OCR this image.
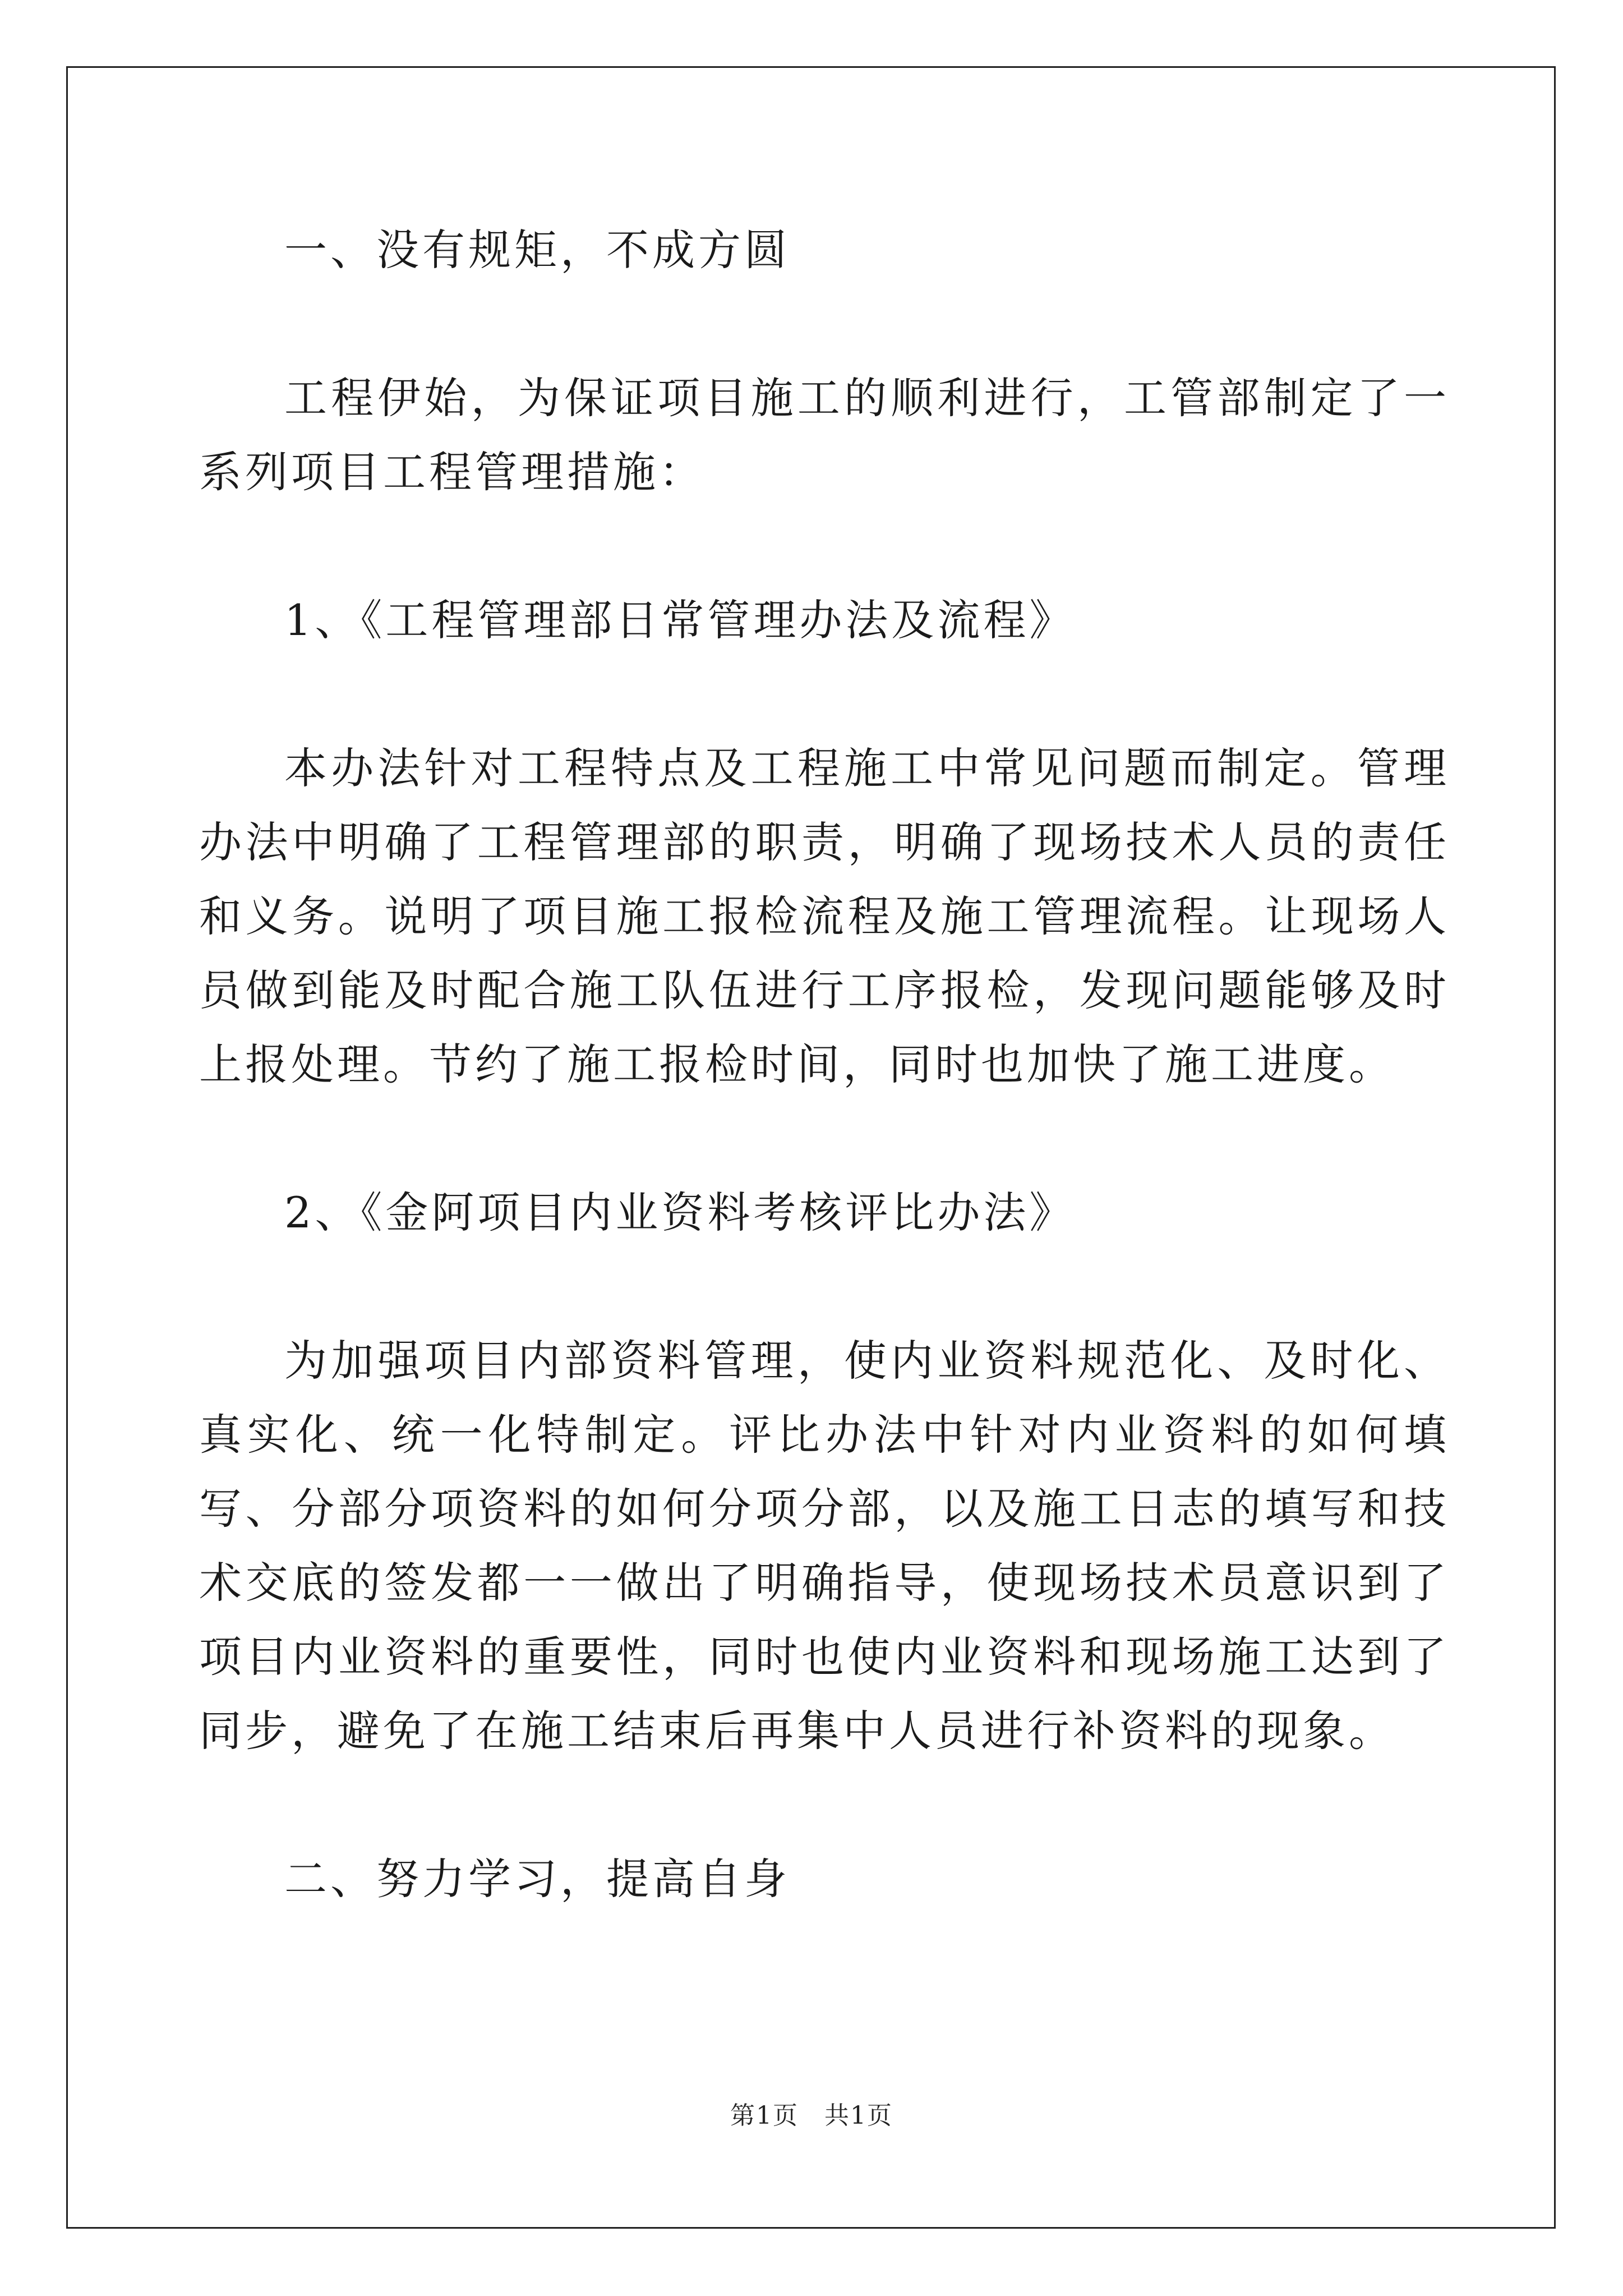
一、没有规矩，不成方圆

工程伊始，为保证项目施工的顺利进行，工管部制定了一系列项目工程管理措施：

1、《工程管理部日常管理办法及流程》

本办法针对工程特点及工程施工中常见问题而制定。管理办法中明确了工程管理部的职责，明确了现场技术人员的责任和义务。说明了项目施工报检流程及施工管理流程。让现场人员做到能及时配合施工队伍进行工序报检，发现问题能够及时上报处理。节约了施工报检时间，同时也加快了施工进度。

2、《金阿项目内业资料考核评比办法》

为加强项目内部资料管理，使内业资料规范化、及时化、真实化、统一化特制定。评比办法中针对内业资料的如何填写、分部分项资料的如何分项分部，以及施工日志的填写和技术交底的签发都一一做出了明确指导，使现场技术员意识到了项目内业资料的重要性，同时也使内业资料和现场施工达到了同步，避免了在施工结束后再集中人员进行补资料的现象。

二、努力学习，提高自身

第1页 共1页
